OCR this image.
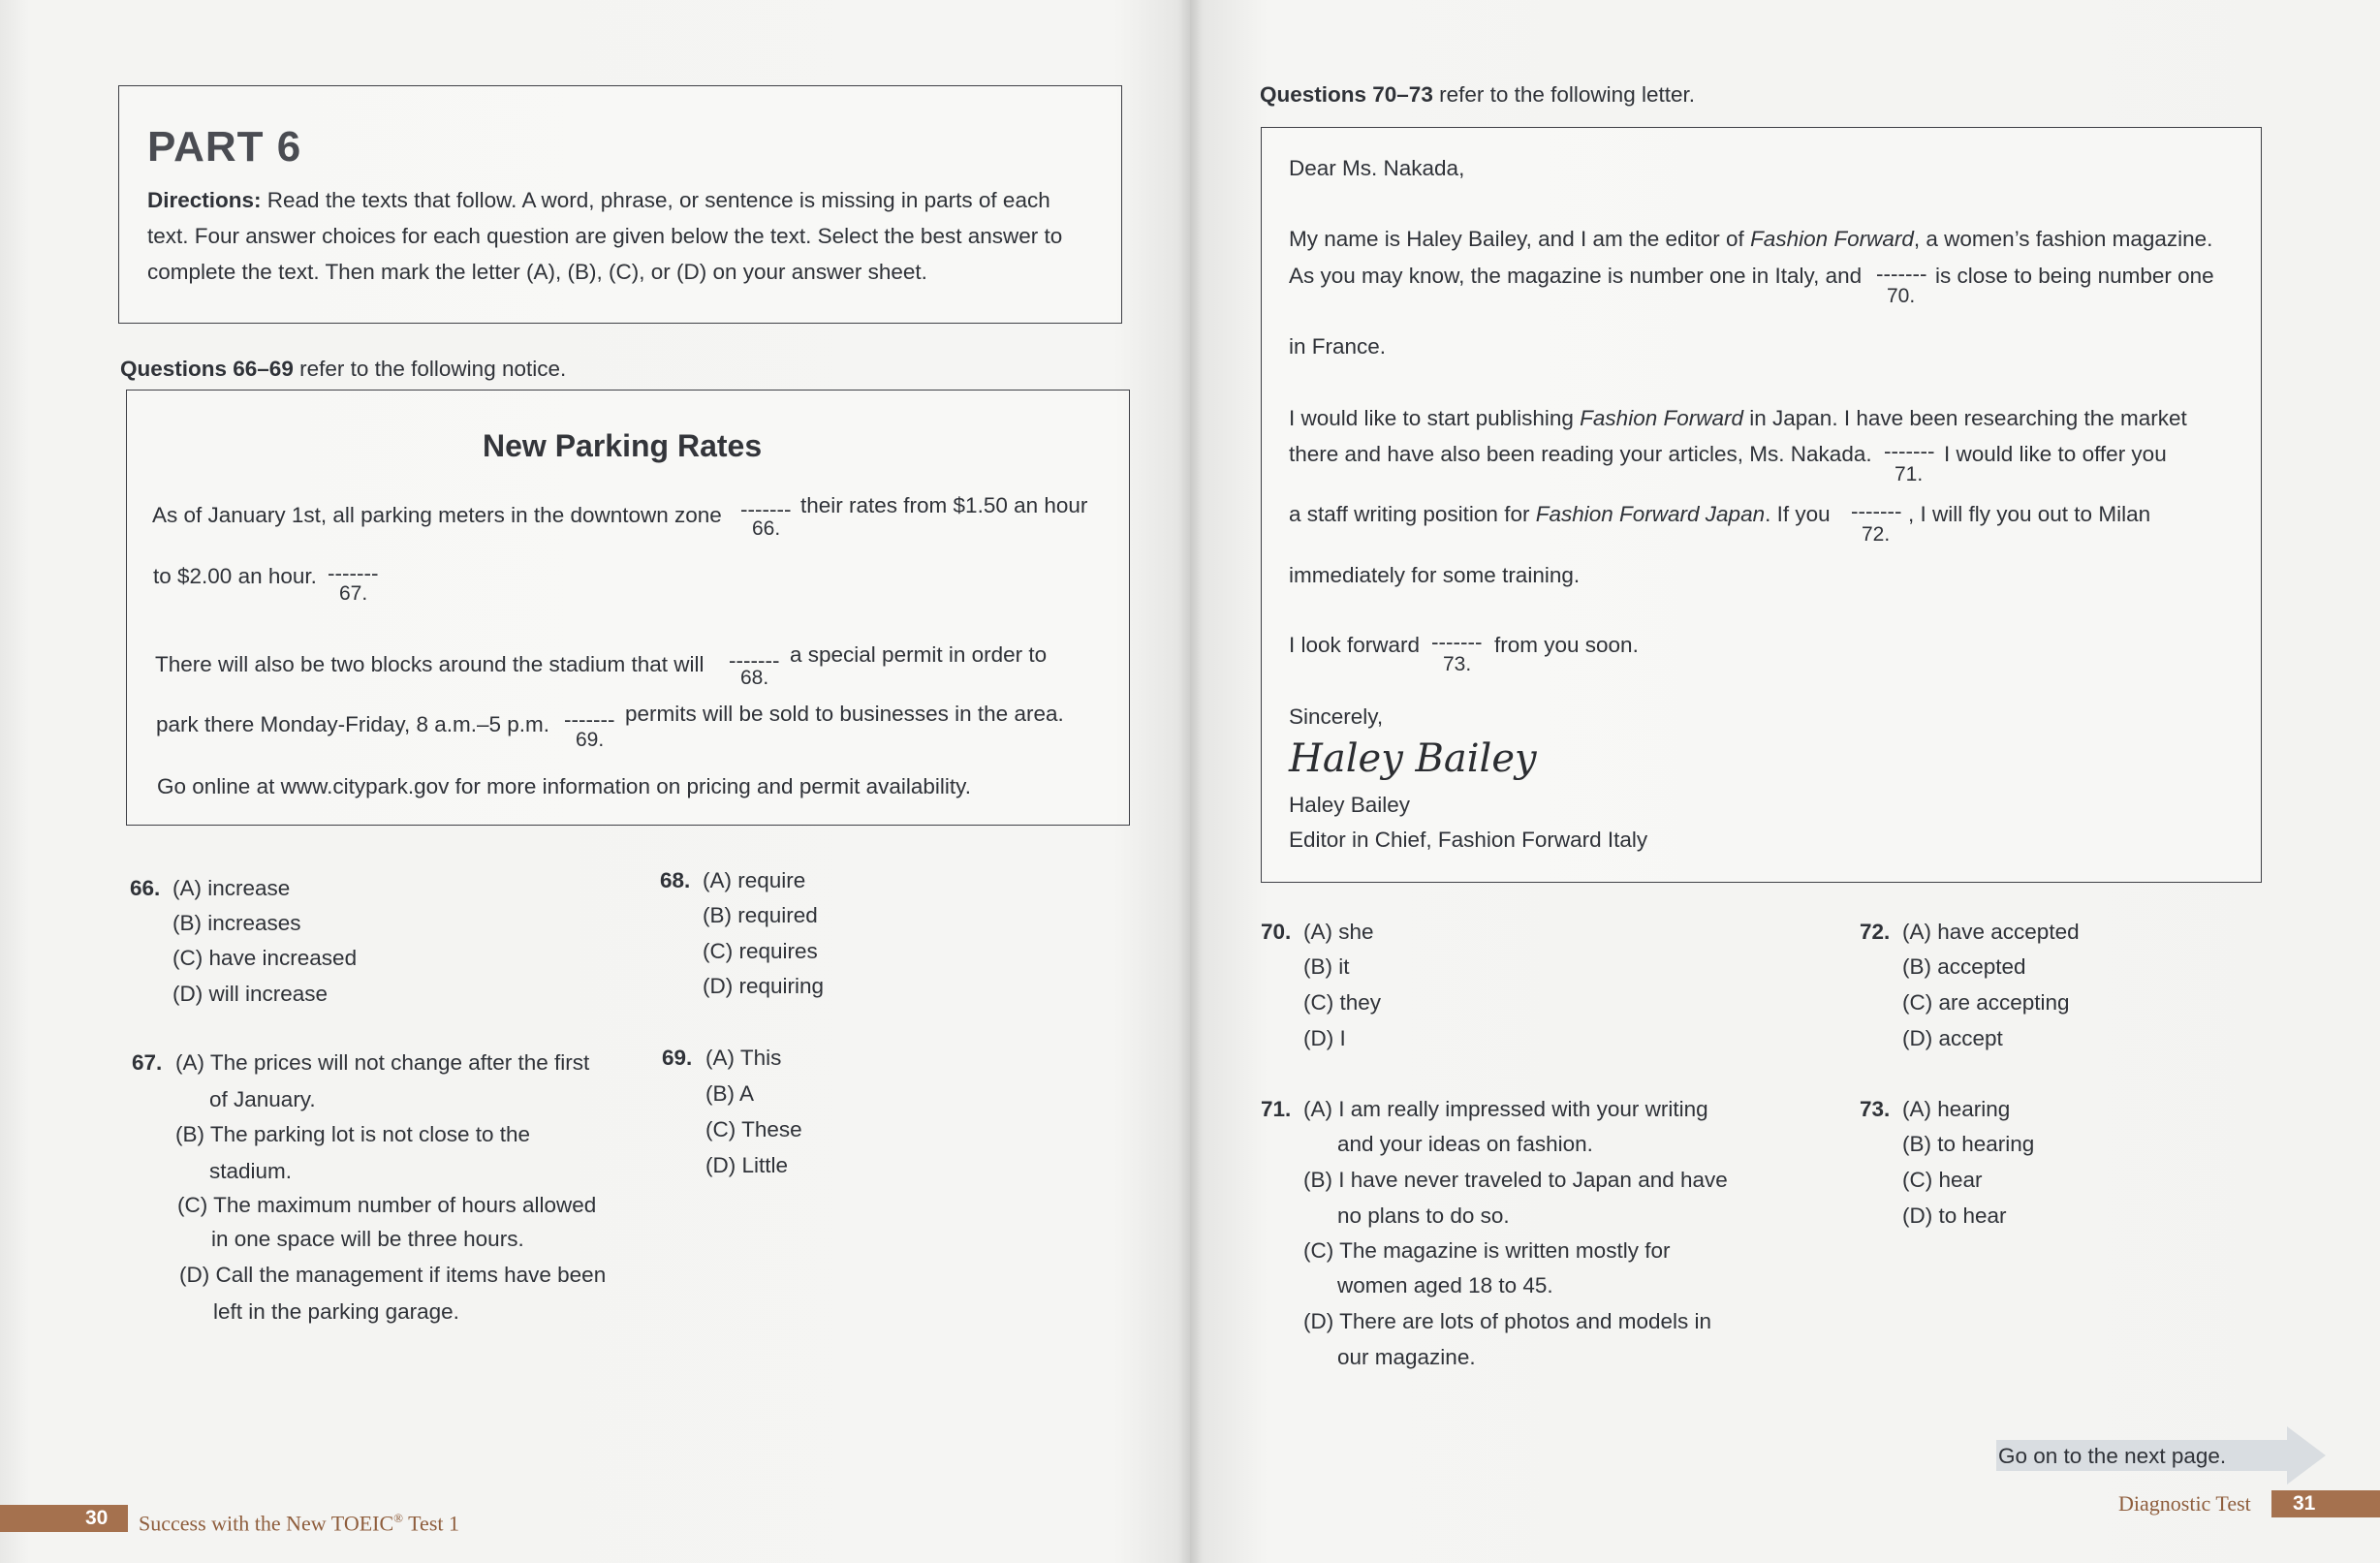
PART 6
Directions: Read the texts that follow. A word, phrase, or sentence is missing in parts of each text. Four answer choices for each question are given below the text. Select the best answer to complete the text. Then mark the letter (A), (B), (C), or (D) on your answer sheet.
Questions 66–69 refer to the following notice.
New Parking Rates
As of January 1st, all parking meters in the downtown zone -------
66.
their rates from $1.50 an hour
to $2.00 an hour. -------
67.
There will also be two blocks around the stadium that will -------
68.
a special permit in order to
park there Monday-Friday, 8 a.m.–5 p.m. -------
69.
permits will be sold to businesses in the area.
Go online at www.citypark.gov for more information on pricing and permit availability.
66. (A) increase
(B) increases
(C) have increased
(D) will increase
68. (A) require
(B) required
(C) requires
(D) requiring
67. (A) The prices will not change after the first
of January.
(B) The parking lot is not close to the
stadium.
(C) The maximum number of hours allowed
in one space will be three hours.
(D) Call the management if items have been
left in the parking garage.
69. (A) This
(B) A
(C) These
(D) Little
30 Success with the New TOEIC® Test 1
Questions 70–73 refer to the following letter.
Dear Ms. Nakada,
My name is Haley Bailey, and I am the editor of Fashion Forward, a women’s fashion magazine.
As you may know, the magazine is number one in Italy, and -------
70.
is close to being number one
in France.
I would like to start publishing Fashion Forward in Japan. I have been researching the market
there and have also been reading your articles, Ms. Nakada. -------
71.
I would like to offer you
a staff writing position for Fashion Forward Japan. If you -------
72.
, I will fly you out to Milan
immediately for some training.
I look forward -------
73.
from you soon.
Sincerely,
Haley Bailey
Haley Bailey
Editor in Chief, Fashion Forward Italy
70. (A) she
(B) it
(C) they
(D) I
72. (A) have accepted
(B) accepted
(C) are accepting
(D) accept
71. (A) I am really impressed with your writing
and your ideas on fashion.
(B) I have never traveled to Japan and have
no plans to do so.
(C) The magazine is written mostly for
women aged 18 to 45.
(D) There are lots of photos and models in
our magazine.
73. (A) hearing
(B) to hearing
(C) hear
(D) to hear
Go on to the next page.
Diagnostic Test 31
